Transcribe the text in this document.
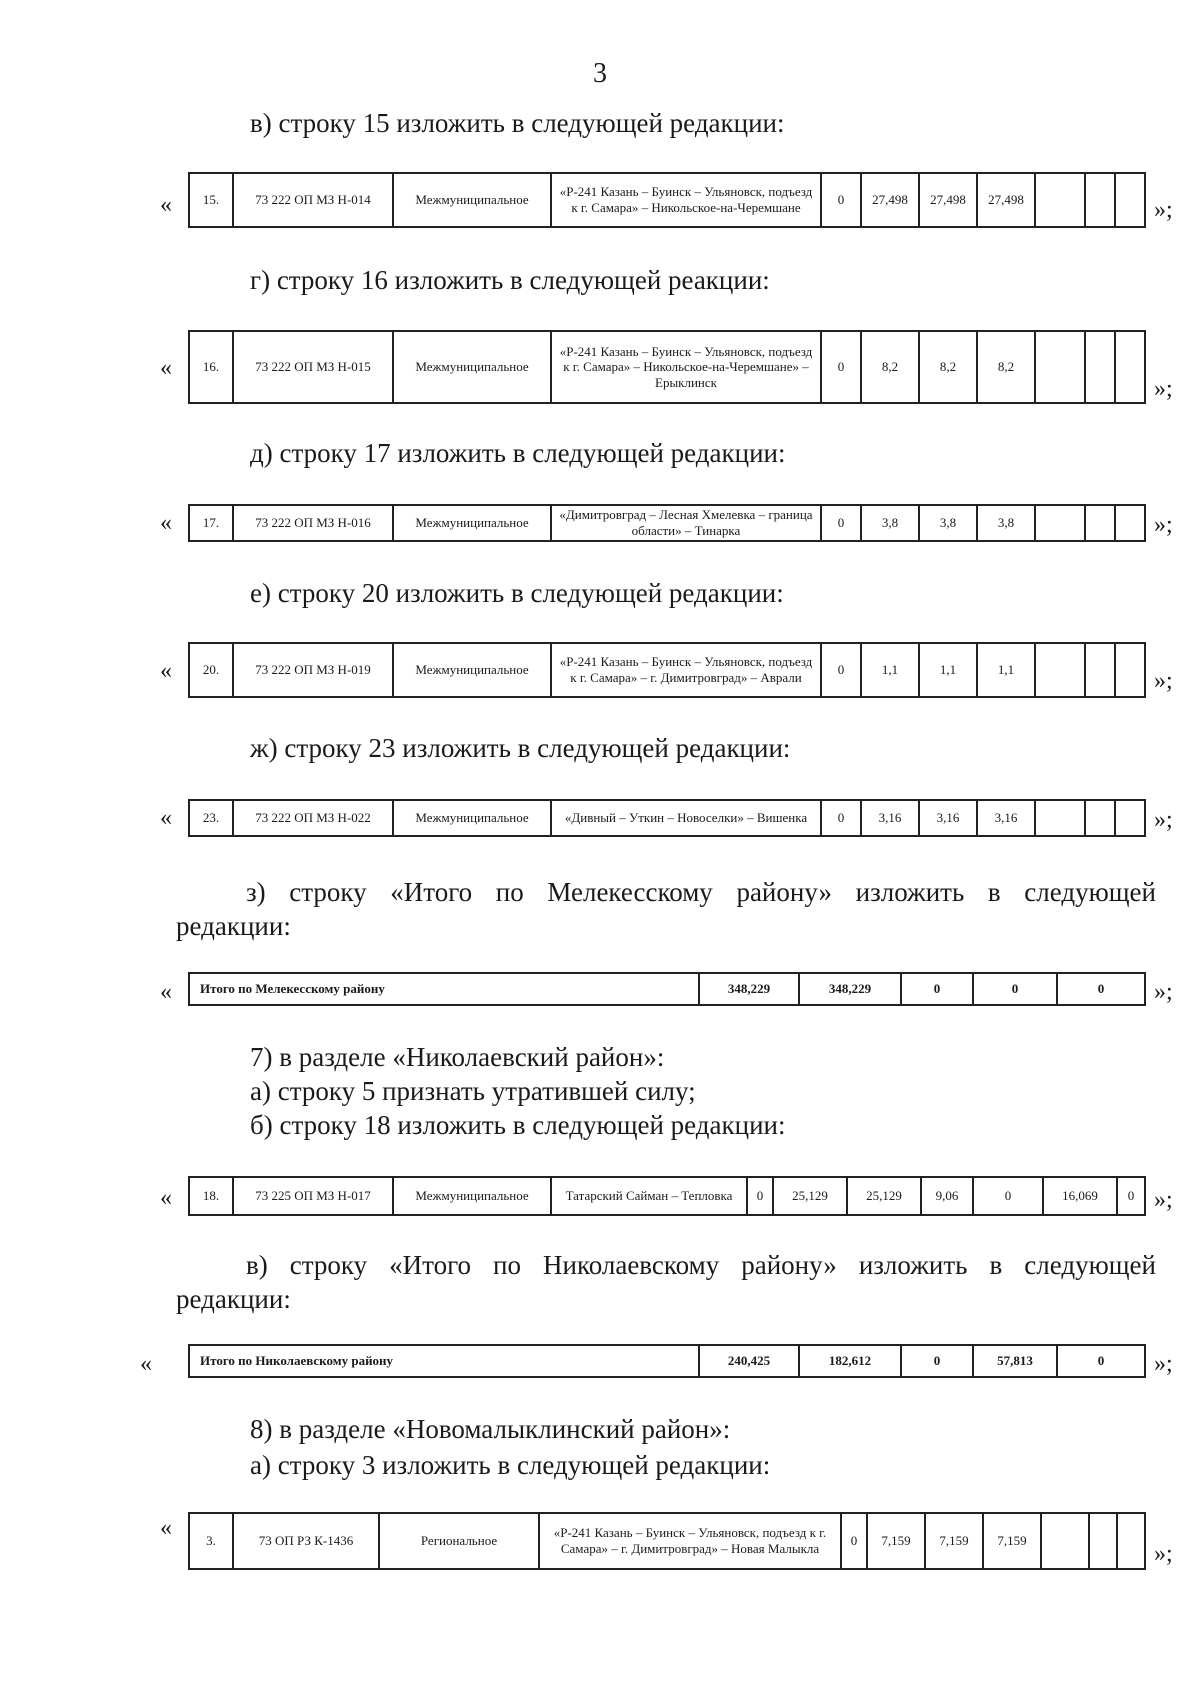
3
в) строку 15 изложить в следующей редакции:
« 15.	73 222 ОП МЗ Н-014	Межмуниципальное	«Р-241 Казань – Буинск – Ульяновск, подъезд к г. Самара» – Никольское-на-Черемшане	0	27,498	27,498	27,498				»;
г) строку 16 изложить в следующей реакции:
« 16.	73 222 ОП МЗ Н-015	Межмуниципальное	«Р-241 Казань – Буинск – Ульяновск, подъезд к г. Самара» – Никольское-на-Черемшане» – Ерыклинск	0	8,2	8,2	8,2			
»;
д) строку 17 изложить в следующей редакции:
« 17.	73 222 ОП МЗ Н-016	Межмуниципальное	«Димитровград – Лесная Хмелевка – граница области» – Тинарка	0	3,8	3,8	3,8				»;
е) строку 20 изложить в следующей редакции:
« 20.	73 222 ОП МЗ Н-019	Межмуниципальное	«Р-241 Казань – Буинск – Ульяновск, подъезд к г. Самара» – г. Димитровград» – Аврали	0	1,1	1,1	1,1				»;
ж) строку 23 изложить в следующей редакции:
« 23.	73 222 ОП МЗ Н-022	Межмуниципальное	«Дивный – Уткин – Новоселки» – Вишенка	0	3,16	3,16	3,16				»;
з) строку «Итого по Мелекесскому району» изложить в следующей
редакции:
« Итого по Мелекесскому району	348,229	348,229	0	0	0 »;
7) в разделе «Николаевский район»:
а) строку 5 признать утратившей силу;
б) строку 18 изложить в следующей редакции:
« 18.	73 225 ОП МЗ Н-017	Межмуниципальное	Татарский Сайман – Тепловка	0	25,129	25,129	9,06	0	16,069	0 »;
в) строку «Итого по Николаевскому району» изложить в следующей
редакции:
«	Итого по Николаевскому району	240,425	182,612	0	57,813	0 »;
8) в разделе «Новомалыклинский район»:
а) строку 3 изложить в следующей редакции:
«	3.	73 ОП РЗ К-1436	Региональное	«Р-241 Казань – Буинск – Ульяновск, подъезд к г. Самара» – г. Димитровград» – Новая Малыкла	0	7,159	7,159	7,159			
»;
